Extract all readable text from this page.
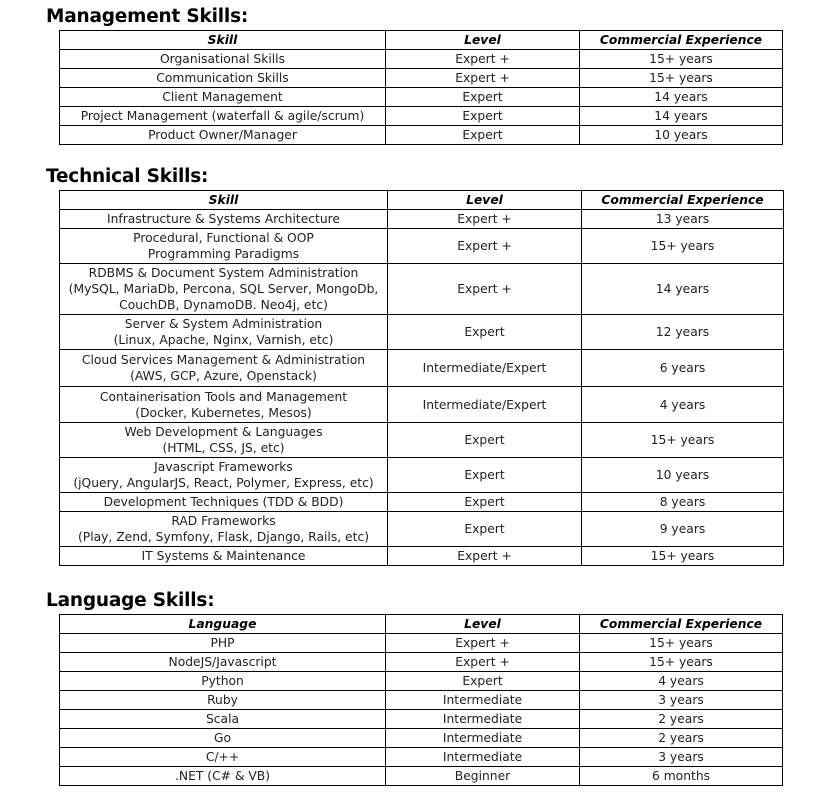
Management Skills:
Skill	Level	Commercial Experience

Organisational Skills	Expert +	15+ years

Communication Skills	Expert +	15+ years

Client Management	Expert	14 years

Project Management (waterfall & agile/scrum)	Expert	14 years

Product Owner/Manager	Expert	10 years
Technical Skills:
Skill	Level	Commercial Experience

Infrastructure & Systems Architecture	Expert +	13 years

Procedural, Functional & OOP
Programming Paradigms	Expert +	15+ years

RDBMS & Document System Administration
(MySQL, MariaDb, Percona, SQL Server, MongoDb,
CouchDB, DynamoDB. Neo4j, etc)	Expert +	14 years

Server & System Administration
(Linux, Apache, Nginx, Varnish, etc)	Expert	12 years

Cloud Services Management & Administration
(AWS, GCP, Azure, Openstack)	Intermediate/Expert	6 years

Containerisation Tools and Management
(Docker, Kubernetes, Mesos)	Intermediate/Expert	4 years

Web Development & Languages
(HTML, CSS, JS, etc)	Expert	15+ years

Javascript Frameworks
(jQuery, AngularJS, React, Polymer, Express, etc)	Expert	10 years

Development Techniques (TDD & BDD)	Expert	8 years

RAD Frameworks
(Play, Zend, Symfony, Flask, Django, Rails, etc)	Expert	9 years

IT Systems & Maintenance	Expert +	15+ years
Language Skills:
Language	Level	Commercial Experience

PHP	Expert +	15+ years

NodeJS/Javascript	Expert +	15+ years

Python	Expert	4 years

Ruby	Intermediate	3 years

Scala	Intermediate	2 years

Go	Intermediate	2 years

C/++	Intermediate	3 years

.NET (C# & VB)	Beginner	6 months
